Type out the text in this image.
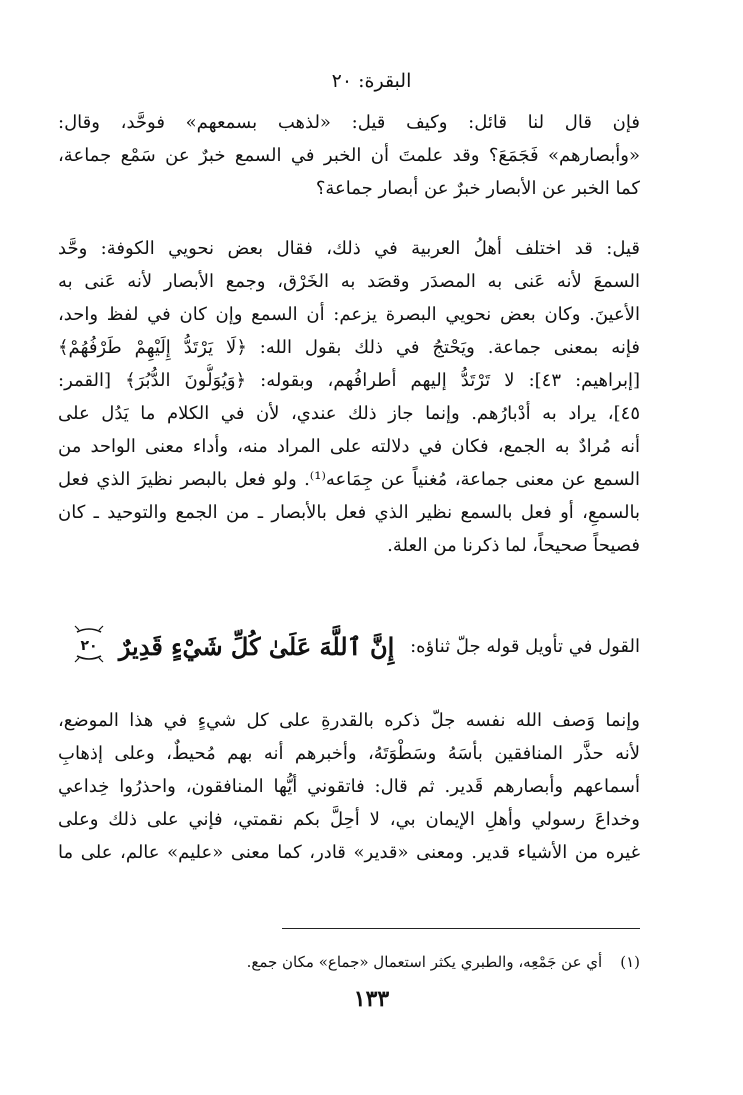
البقرة: ٢٠
فإن قال لنا قائل: وكيف قيل: «لذهب بسمعهم» فوحَّد، وقال:
«وأبصارهم» فَجَمَعَ؟ وقد علمتَ أن الخبر في السمع خبرٌ عن سَمْع جماعة،
كما الخبر عن الأبصار خبرٌ عن أبصار جماعة؟
قيل: قد اختلف أهلُ العربية في ذلك، فقال بعض نحويي الكوفة: وحَّد
السمعَ لأنه عَنى به المصدَر وقصَد به الخَرْق، وجمع الأبصار لأنه عَنى به
الأعينَ. وكان بعض نحويي البصرة يزعم: أن السمع وإن كان في لفظ واحد،
فإنه بمعنى جماعة. ويَحْتجُ في ذلك بقول الله: ﴿لَا يَرْتَدُّ إِلَيْهِمْ طَرْفُهُمْ﴾
[إبراهيم: ٤٣]: لا تَرْتَدُّ إليهم أطرافُهم، وبقوله: ﴿وَيُوَلُّونَ الدُّبُرَ﴾ [القمر:
٤٥]، يراد به أدْبارُهم. وإنما جاز ذلك عندي، لأن في الكلام ما يَدُل على
أنه مُرادٌ به الجمع، فكان في دلالته على المراد منه، وأداء معنى الواحد من
السمع عن معنى جماعة، مُغنياً عن جِمَاعه⁽¹⁾. ولو فعل بالبصر نظيرَ الذي فعل
بالسمعِ، أو فعل بالسمع نظير الذي فعل بالأبصار ـ من الجمع والتوحيد ـ كان
فصيحاً صحيحاً، لما ذكرنا من العلة.
القول في تأويل قوله جلّ ثناؤه: إِنَّ ٱللَّهَ عَلَىٰ كُلِّ شَيْءٍ قَدِيرٌ
٢٠
وإنما وَصف الله نفسه جلّ ذكره بالقدرةِ على كل شيءٍ في هذا الموضع،
لأنه حذَّر المنافقين بأسَهُ وسَطْوَتَهُ، وأخبرهم أنه بهم مُحيطٌ، وعلى إذهابِ
أسماعهم وأبصارهم قَدير. ثم قال: فاتقوني أيُّها المنافقون، واحذرُوا خِداعي
وخداعَ رسولي وأهلِ الإيمان بي، لا أحِلَّ بكم نقمتي، فإني على ذلك وعلى
غيره من الأشياء قدير. ومعنى «قدير» قادر، كما معنى «عليم» عالم، على ما
(١)أي عن جَمْعِه، والطبري يكثر استعمال «جماع» مكان جمع.
١٣٣
